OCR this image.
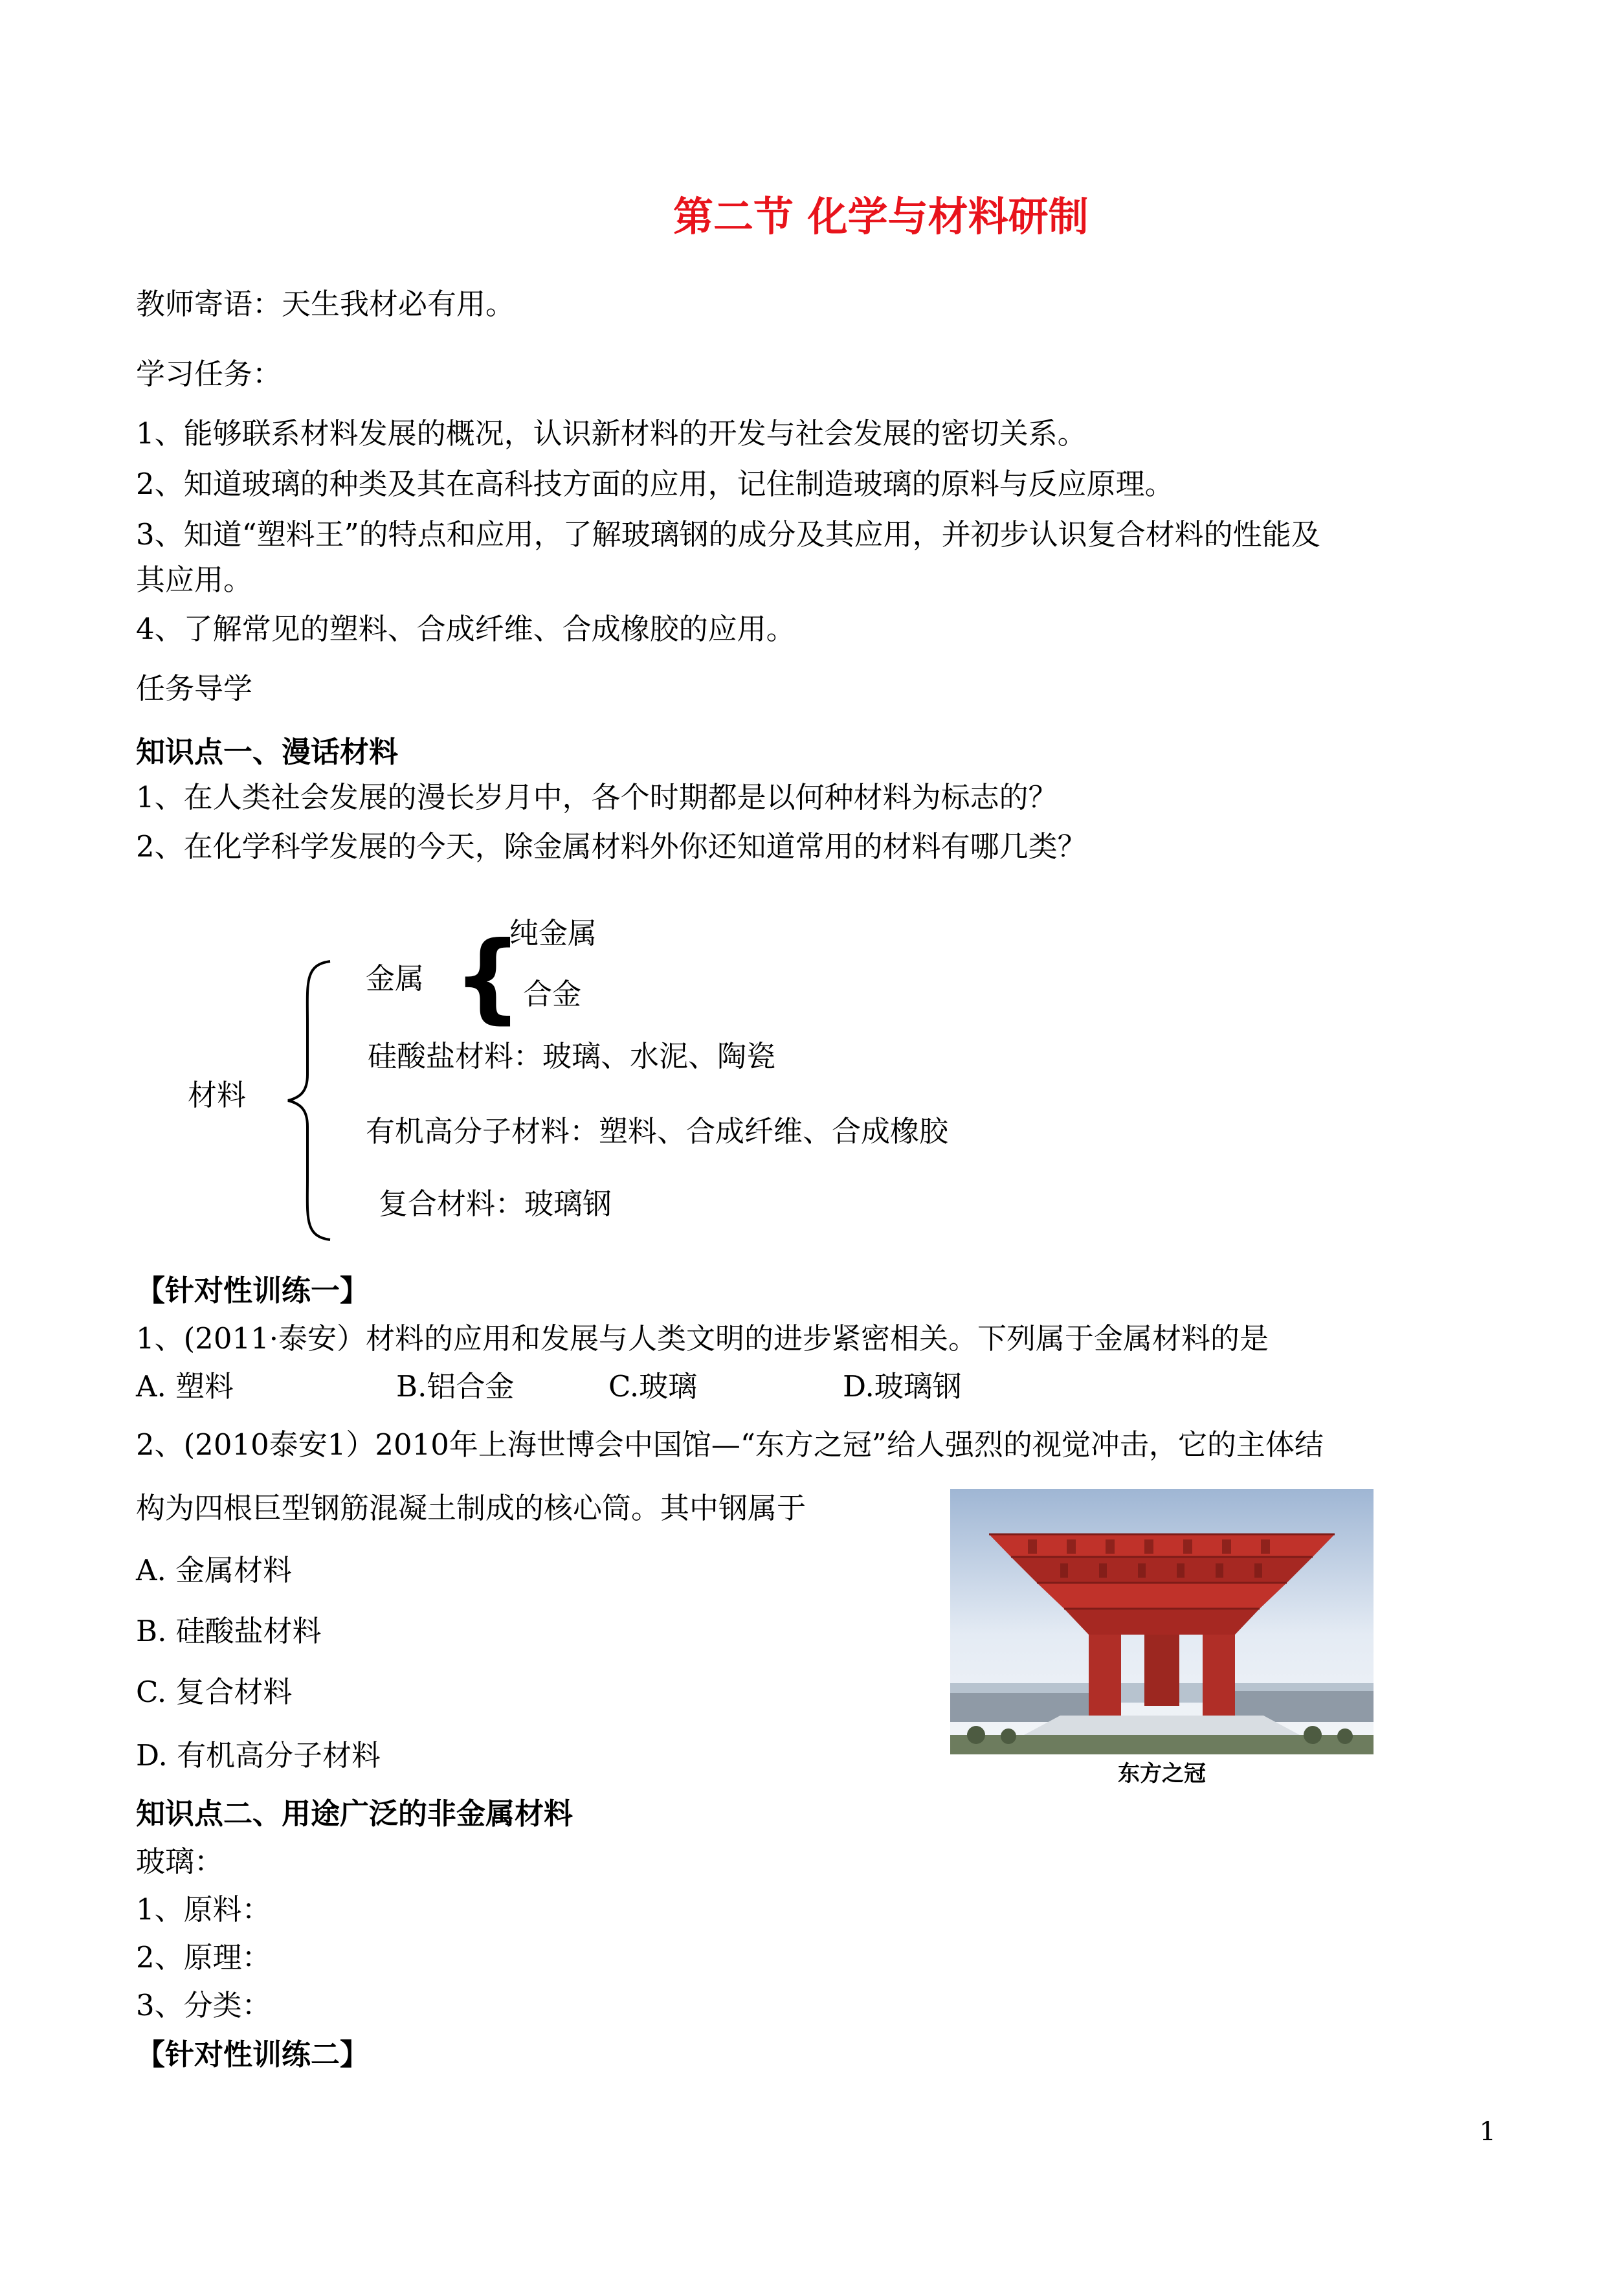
第二节 化学与材料研制
教师寄语：天生我材必有用。
学习任务：
1、能够联系材料发展的概况，认识新材料的开发与社会发展的密切关系。
2、知道玻璃的种类及其在高科技方面的应用，记住制造玻璃的原料与反应原理。
3、知道“塑料王”的特点和应用，了解玻璃钢的成分及其应用，并初步认识复合材料的性能及
其应用。
4、了解常见的塑料、合成纤维、合成橡胶的应用。
任务导学
知识点一、漫话材料
1、在人类社会发展的漫长岁月中，各个时期都是以何种材料为标志的？
2、在化学科学发展的今天，除金属材料外你还知道常用的材料有哪几类？
材料
金属 {
纯金属
合金
硅酸盐材料：玻璃、水泥、陶瓷
有机高分子材料：塑料、合成纤维、合成橡胶
复合材料：玻璃钢
【针对性训练一】
1、(2011·泰安）材料的应用和发展与人类文明的进步紧密相关。下列属于金属材料的是
A. 塑料	B.铝合金	C.玻璃	D.玻璃钢
2、(2010泰安1）2010年上海世博会中国馆—“东方之冠”给人强烈的视觉冲击，它的主体结
构为四根巨型钢筋混凝土制成的核心筒。其中钢属于
A. 金属材料
B. 硅酸盐材料
C. 复合材料
D. 有机高分子材料
东方之冠
知识点二、用途广泛的非金属材料
玻璃：
1、原料：
2、原理：
3、分类：
【针对性训练二】
1
